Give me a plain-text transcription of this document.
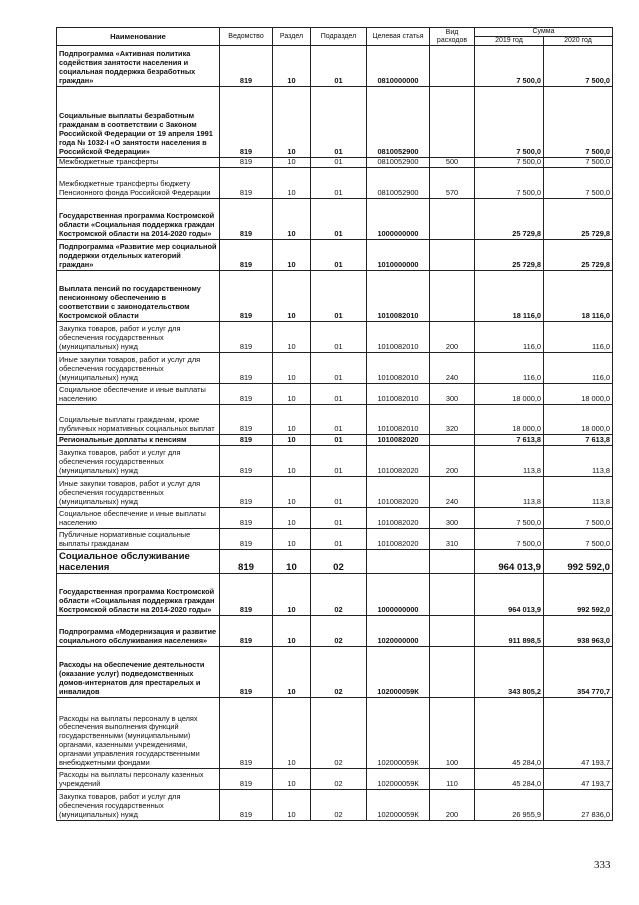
Наименование	Ведомство	Раздел	Подраздел	Целевая статья	Вид расходов	Сумма	
						2019 год	2020 год
Подпрограмма «Активная политика содействия занятости населения и социальная поддержка безработных граждан»	819	10	01	0810000000		7 500,0	7 500,0
Социальные выплаты безработным гражданам в соответствии с Законом Российской Федерации от 19 апреля 1991 года № 1032-I «О занятости населения в Российской Федерации»	819	10	01	0810052900		7 500,0	7 500,0
Межбюджетные трансферты	819	10	01	0810052900	500	7 500,0	7 500,0
Межбюджетные трансферты бюджету Пенсионного фонда Российской Федерации	819	10	01	0810052900	570	7 500,0	7 500,0
Государственная программа Костромской области «Социальная поддержка граждан Костромской области на 2014-2020 годы»	819	10	01	1000000000		25 729,8	25 729,8
Подпрограмма «Развитие мер социальной поддержки отдельных категорий граждан»	819	10	01	1010000000		25 729,8	25 729,8
Выплата пенсий по государственному пенсионному обеспечению в соответствии с законодательством Костромской области	819	10	01	1010082010		18 116,0	18 116,0
Закупка товаров, работ и услуг для обеспечения государственных (муниципальных) нужд	819	10	01	1010082010	200	116,0	116,0
Иные закупки товаров, работ и услуг для обеспечения государственных (муниципальных) нужд	819	10	01	1010082010	240	116,0	116,0
Социальное обеспечение и иные выплаты населению	819	10	01	1010082010	300	18 000,0	18 000,0
Социальные выплаты гражданам, кроме публичных нормативных социальных выплат	819	10	01	1010082010	320	18 000,0	18 000,0
Региональные доплаты к пенсиям	819	10	01	1010082020		7 613,8	7 613,8
Закупка товаров, работ и услуг для обеспечения государственных (муниципальных) нужд	819	10	01	1010082020	200	113,8	113,8
Иные закупки товаров, работ и услуг для обеспечения государственных (муниципальных) нужд	819	10	01	1010082020	240	113,8	113,8
Социальное обеспечение и иные выплаты населению	819	10	01	1010082020	300	7 500,0	7 500,0
Публичные нормативные социальные выплаты гражданам	819	10	01	1010082020	310	7 500,0	7 500,0
Социальное обслуживание населения	819	10	02			964 013,9	992 592,0
Государственная программа Костромской области «Социальная поддержка граждан Костромской области на 2014-2020 годы»	819	10	02	1000000000		964 013,9	992 592,0
Подпрограмма «Модернизация и развитие социального обслуживания населения»	819	10	02	1020000000		911 898,5	938 963,0
Расходы на обеспечение деятельности (оказание услуг) подведомственных домов-интернатов для престарелых и инвалидов	819	10	02	102000059К		343 805,2	354 770,7
Расходы на выплаты персоналу в целях обеспечения выполнения функций государственными (муниципальными) органами, казенными учреждениями, органами управления государственными внебюджетными фондами	819	10	02	102000059К	100	45 284,0	47 193,7
Расходы на выплаты персоналу казенных учреждений	819	10	02	102000059К	110	45 284,0	47 193,7
Закупка товаров, работ и услуг для обеспечения государственных (муниципальных) нужд	819	10	02	102000059К	200	26 955,9	27 836,0
333
